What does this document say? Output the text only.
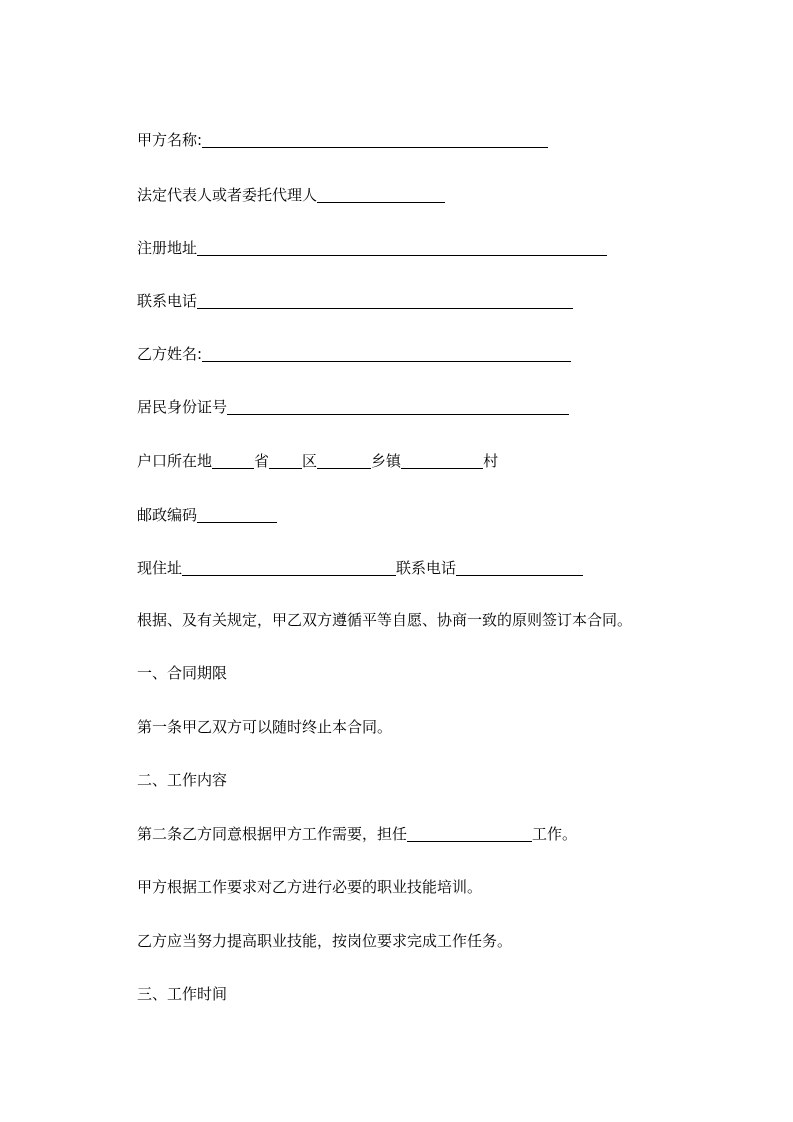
甲方名称:
法定代表人或者委托代理人
注册地址
联系电话
乙方姓名:
居民身份证号
户口所在地	省 区	乡镇	村
邮政编码
现住址	联系电话
根据、及有关规定，甲乙双方遵循平等自愿、协商一致的原则签订本合同。
一、合同期限
第一条甲乙双方可以随时终止本合同。
二、工作内容
第二条乙方同意根据甲方工作需要，担任	工作。
甲方根据工作要求对乙方进行必要的职业技能培训。
乙方应当努力提高职业技能，按岗位要求完成工作任务。
三、工作时间
